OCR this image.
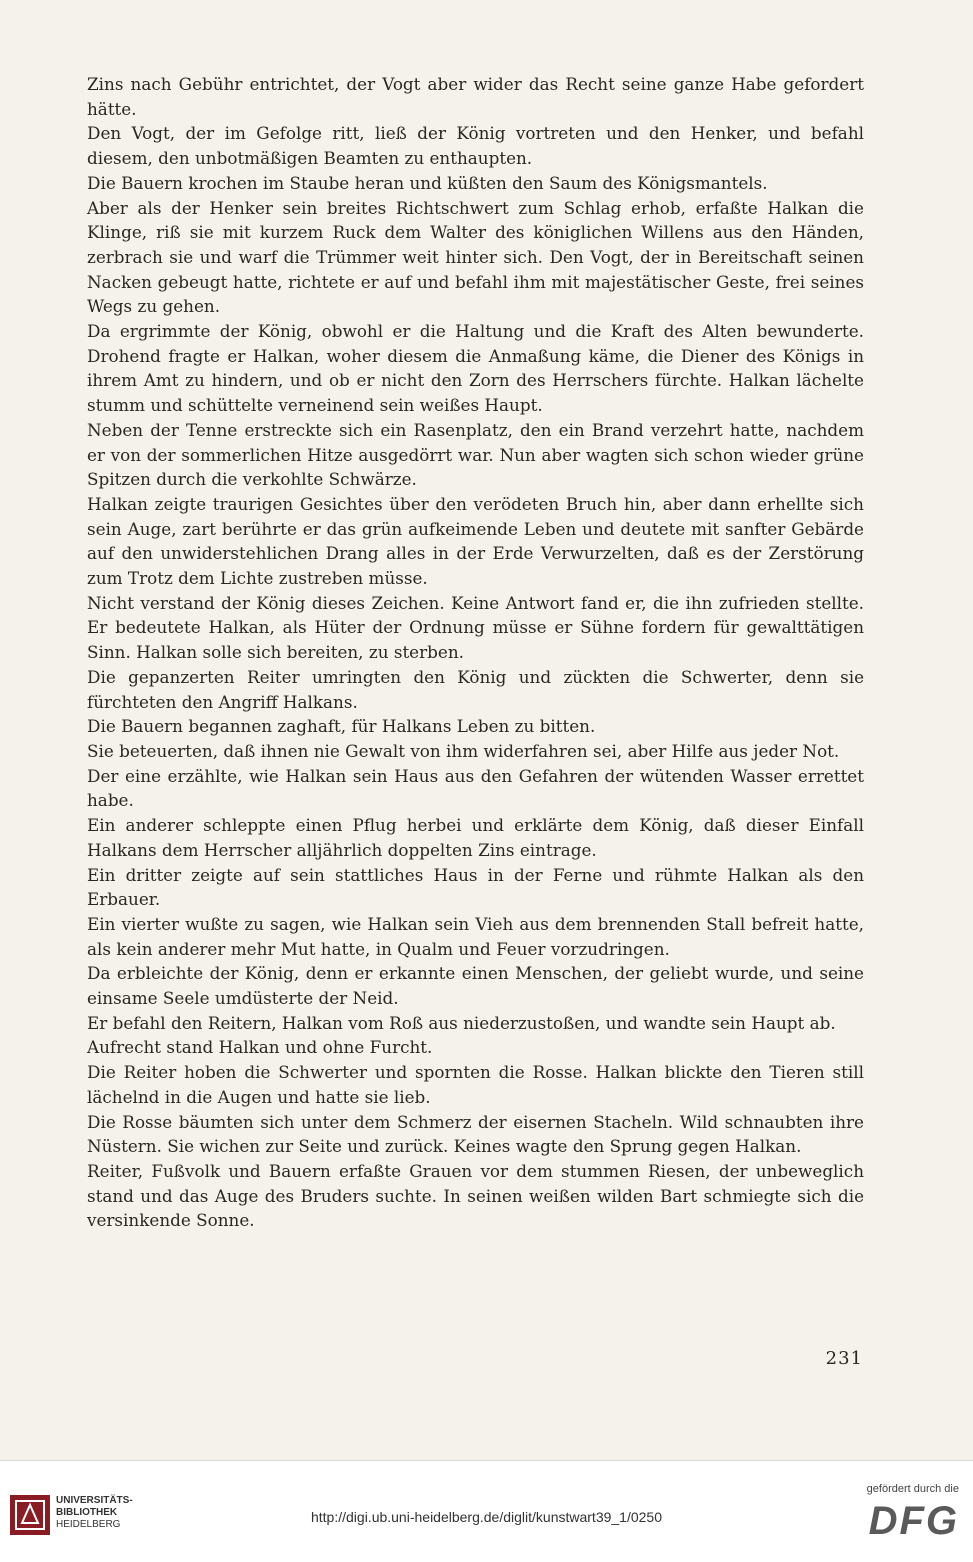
Zins nach Gebühr entrichtet, der Vogt aber wider das Recht seine ganze Habe gefordert hätte.

Den Vogt, der im Gefolge ritt, ließ der König vortreten und den Henker, und befahl diesem, den unbotmäßigen Beamten zu enthaupten.

Die Bauern krochen im Staube heran und küßten den Saum des Königsmantels.

Aber als der Henker sein breites Richtschwert zum Schlag erhob, erfaßte Halkan die Klinge, riß sie mit kurzem Ruck dem Walter des königlichen Willens aus den Händen, zerbrach sie und warf die Trümmer weit hinter sich. Den Vogt, der in Bereitschaft seinen Nacken gebeugt hatte, richtete er auf und befahl ihm mit majestätischer Geste, frei seines Wegs zu gehen.

Da ergrimmte der König, obwohl er die Haltung und die Kraft des Alten bewunderte. Drohend fragte er Halkan, woher diesem die Anmaßung käme, die Diener des Königs in ihrem Amt zu hindern, und ob er nicht den Zorn des Herrschers fürchte. Halkan lächelte stumm und schüttelte verneinend sein weißes Haupt.

Neben der Tenne erstreckte sich ein Rasenplatz, den ein Brand verzehrt hatte, nachdem er von der sommerlichen Hitze ausgedörrt war. Nun aber wagten sich schon wieder grüne Spitzen durch die verkohlte Schwärze.

Halkan zeigte traurigen Gesichtes über den verödeten Bruch hin, aber dann erhellte sich sein Auge, zart berührte er das grün aufkeimende Leben und deutete mit sanfter Gebärde auf den unwiderstehlichen Drang alles in der Erde Verwurzelten, daß es der Zerstörung zum Trotz dem Lichte zustreben müsse.

Nicht verstand der König dieses Zeichen. Keine Antwort fand er, die ihn zufrieden stellte. Er bedeutete Halkan, als Hüter der Ordnung müsse er Sühne fordern für gewalttätigen Sinn. Halkan solle sich bereiten, zu sterben.

Die gepanzerten Reiter umringten den König und zückten die Schwerter, denn sie fürchteten den Angriff Halkans.

Die Bauern begannen zaghaft, für Halkans Leben zu bitten.

Sie beteuerten, daß ihnen nie Gewalt von ihm widerfahren sei, aber Hilfe aus jeder Not.

Der eine erzählte, wie Halkan sein Haus aus den Gefahren der wütenden Wasser errettet habe.

Ein anderer schleppte einen Pflug herbei und erklärte dem König, daß dieser Einfall Halkans dem Herrscher alljährlich doppelten Zins eintrage.

Ein dritter zeigte auf sein stattliches Haus in der Ferne und rühmte Halkan als den Erbauer.

Ein vierter wußte zu sagen, wie Halkan sein Vieh aus dem brennenden Stall befreit hatte, als kein anderer mehr Mut hatte, in Qualm und Feuer vorzudringen.

Da erbleichte der König, denn er erkannte einen Menschen, der geliebt wurde, und seine einsame Seele umdüsterte der Neid.

Er befahl den Reitern, Halkan vom Roß aus niederzustoßen, und wandte sein Haupt ab.

Aufrecht stand Halkan und ohne Furcht.

Die Reiter hoben die Schwerter und spornten die Rosse. Halkan blickte den Tieren still lächelnd in die Augen und hatte sie lieb.

Die Rosse bäumten sich unter dem Schmerz der eisernen Stacheln. Wild schnaubten ihre Nüstern. Sie wichen zur Seite und zurück. Keines wagte den Sprung gegen Halkan.

Reiter, Fußvolk und Bauern erfaßte Grauen vor dem stummen Riesen, der unbeweglich stand und das Auge des Bruders suchte. In seinen weißen wilden Bart schmiegte sich die versinkende Sonne.

231
UNIVERSITÄTS-
BIBLIOTHEK
HEIDELBERG	http://digi.ub.uni-heidelberg.de/diglit/kunstwart39_1/0250
gefördert durch die
DFG
